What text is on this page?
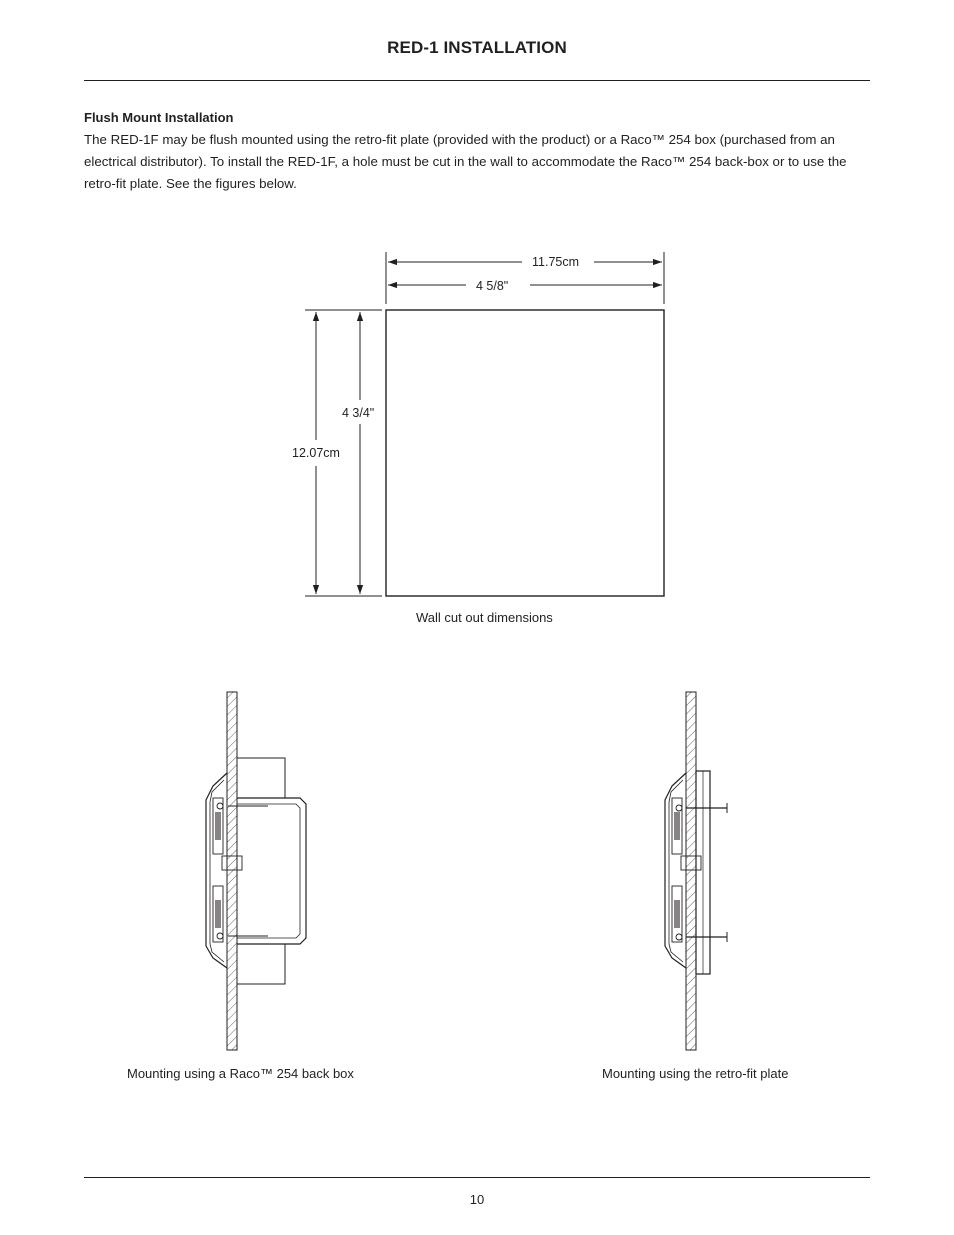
RED-1 INSTALLATION
Flush Mount Installation
The RED-1F may be flush mounted using the retro-fit plate (provided with the product) or a Raco™ 254 box (purchased from an electrical distributor). To install the RED-1F, a hole must be cut in the wall to accommodate the Raco™ 254 back-box or to use the retro-fit plate. See the figures below.
11.75cm
4 5/8"
12.07cm
4 3/4"
Wall cut out dimensions
Mounting using a Raco™ 254 back box	Mounting using the retro-fit plate
10
